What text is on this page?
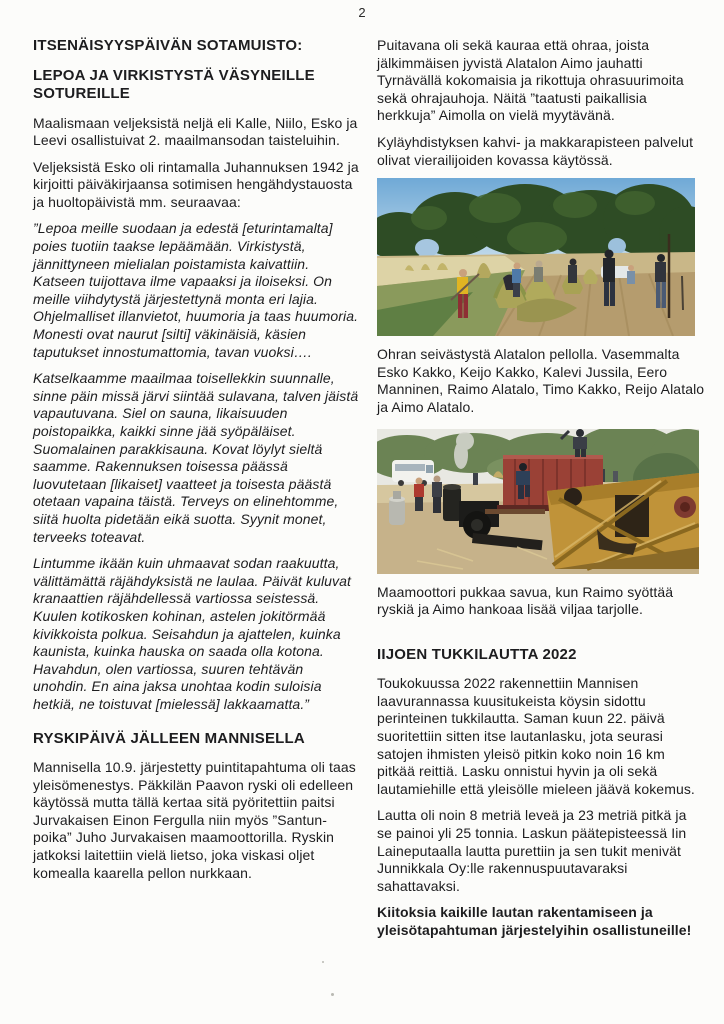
2
ITSENÄISYYSPÄIVÄN SOTAMUISTO:
LEPOA JA VIRKISTYSTÄ VÄSYNEILLE SOTUREILLE

Maalismaan veljeksistä neljä eli Kalle, Niilo, Esko ja Leevi osallistuivat 2. maailmansodan taisteluihin.

Veljeksistä Esko oli rintamalla Juhannuksen 1942 ja kirjoitti päiväkirjaansa sotimisen hengähdystauosta ja huoltopäivistä mm. seuraavaa:

”Lepoa meille suodaan ja edestä [eturintamalta] poies tuotiin taakse lepäämään. Virkistystä, jännittyneen mielialan poistamista kaivattiin. Katseen tuijottava ilme vapaaksi ja iloiseksi. On meille viihdytystä järjestettynä monta eri lajia. Ohjelmalliset illanvietot, huumoria ja taas huumoria. Monesti ovat naurut [silti] väkinäisiä, käsien taputukset innostumattomia, tavan vuoksi….

Katselkaamme maailmaa toisellekkin suunnalle, sinne päin missä järvi siintää sulavana, talven jäistä vapautuvana. Siel on sauna, likaisuuden poistopaikka, kaikki sinne jää syöpäläiset. Suomalainen parakkisauna. Kovat löylyt sieltä saamme. Rakennuksen toisessa päässä luovutetaan [likaiset] vaatteet ja toisesta päästä otetaan vapaina täistä. Terveys on elinehtomme, siitä huolta pidetään eikä suotta. Syynit monet, terveeks toteavat.

Lintumme ikään kuin uhmaavat sodan raakuutta, välittämättä räjähdyksistä ne laulaa. Päivät kuluvat kranaattien räjähdellessä vartiossa seistessä. Kuulen kotikosken kohinan, astelen jokitörmää kivikkoista polkua. Seisahdun ja ajattelen, kuinka kaunista, kuinka hauska on saada olla kotona. Havahdun, olen vartiossa, suuren tehtävän unohdin. En aina jaksa unohtaa kodin suloisia hetkiä, ne toistuvat [mielessä] lakkaamatta.”

RYSKIPÄIVÄ JÄLLEEN MANNISELLA

Mannisella 10.9. järjestetty puintitapahtuma oli taas yleisömenestys. Päkkilän Paavon ryski oli edelleen käytössä mutta tällä kertaa sitä pyöritettiin paitsi Jurvakaisen Einon Fergulla niin myös ”Santun-poika” Juho Jurvakaisen maamoottorilla. Ryskin jatkoksi laitettiin vielä lietso, joka viskasi oljet komealla kaarella pellon nurkkaan.

Puitavana oli sekä kauraa että ohraa, joista jälkimmäisen jyvistä Alatalon Aimo jauhatti Tyrnävällä kokomaisia ja rikottuja ohrasuurimoita sekä ohrajauhoja. Näitä ”taatusti paikallisia herkkuja” Aimolla on vielä myytävänä.

Kyläyhdistyksen kahvi- ja makkarapisteen palvelut olivat vierailijoiden kovassa käytössä.

Ohran seivästystä Alatalon pellolla. Vasemmalta Esko Kakko, Keijo Kakko, Kalevi Jussila, Eero Manninen, Raimo Alatalo, Timo Kakko, Reijo Alatalo ja Aimo Alatalo.

Maamoottori pukkaa savua, kun Raimo syöttää ryskiä ja Aimo hankoaa lisää viljaa tarjolle.

IIJOEN TUKKILAUTTA 2022

Toukokuussa 2022 rakennettiin Mannisen laavurannassa kuusitukeista köysin sidottu perinteinen tukkilautta. Saman kuun 22. päivä suoritettiin sitten itse lautanlasku, jota seurasi satojen ihmisten yleisö pitkin koko noin 16 km pitkää reittiä. Lasku onnistui hyvin ja oli sekä lautamiehille että yleisölle mieleen jäävä kokemus.

Lautta oli noin 8 metriä leveä ja 23 metriä pitkä ja se painoi yli 25 tonnia. Laskun päätepisteessä Iin Laineputaalla lautta purettiin ja sen tukit menivät Junnikkala Oy:lle rakennuspuutavaraksi sahattavaksi.

Kiitoksia kaikille lautan rakentamiseen ja yleisötapahtuman järjestelyihin osallistuneille!
